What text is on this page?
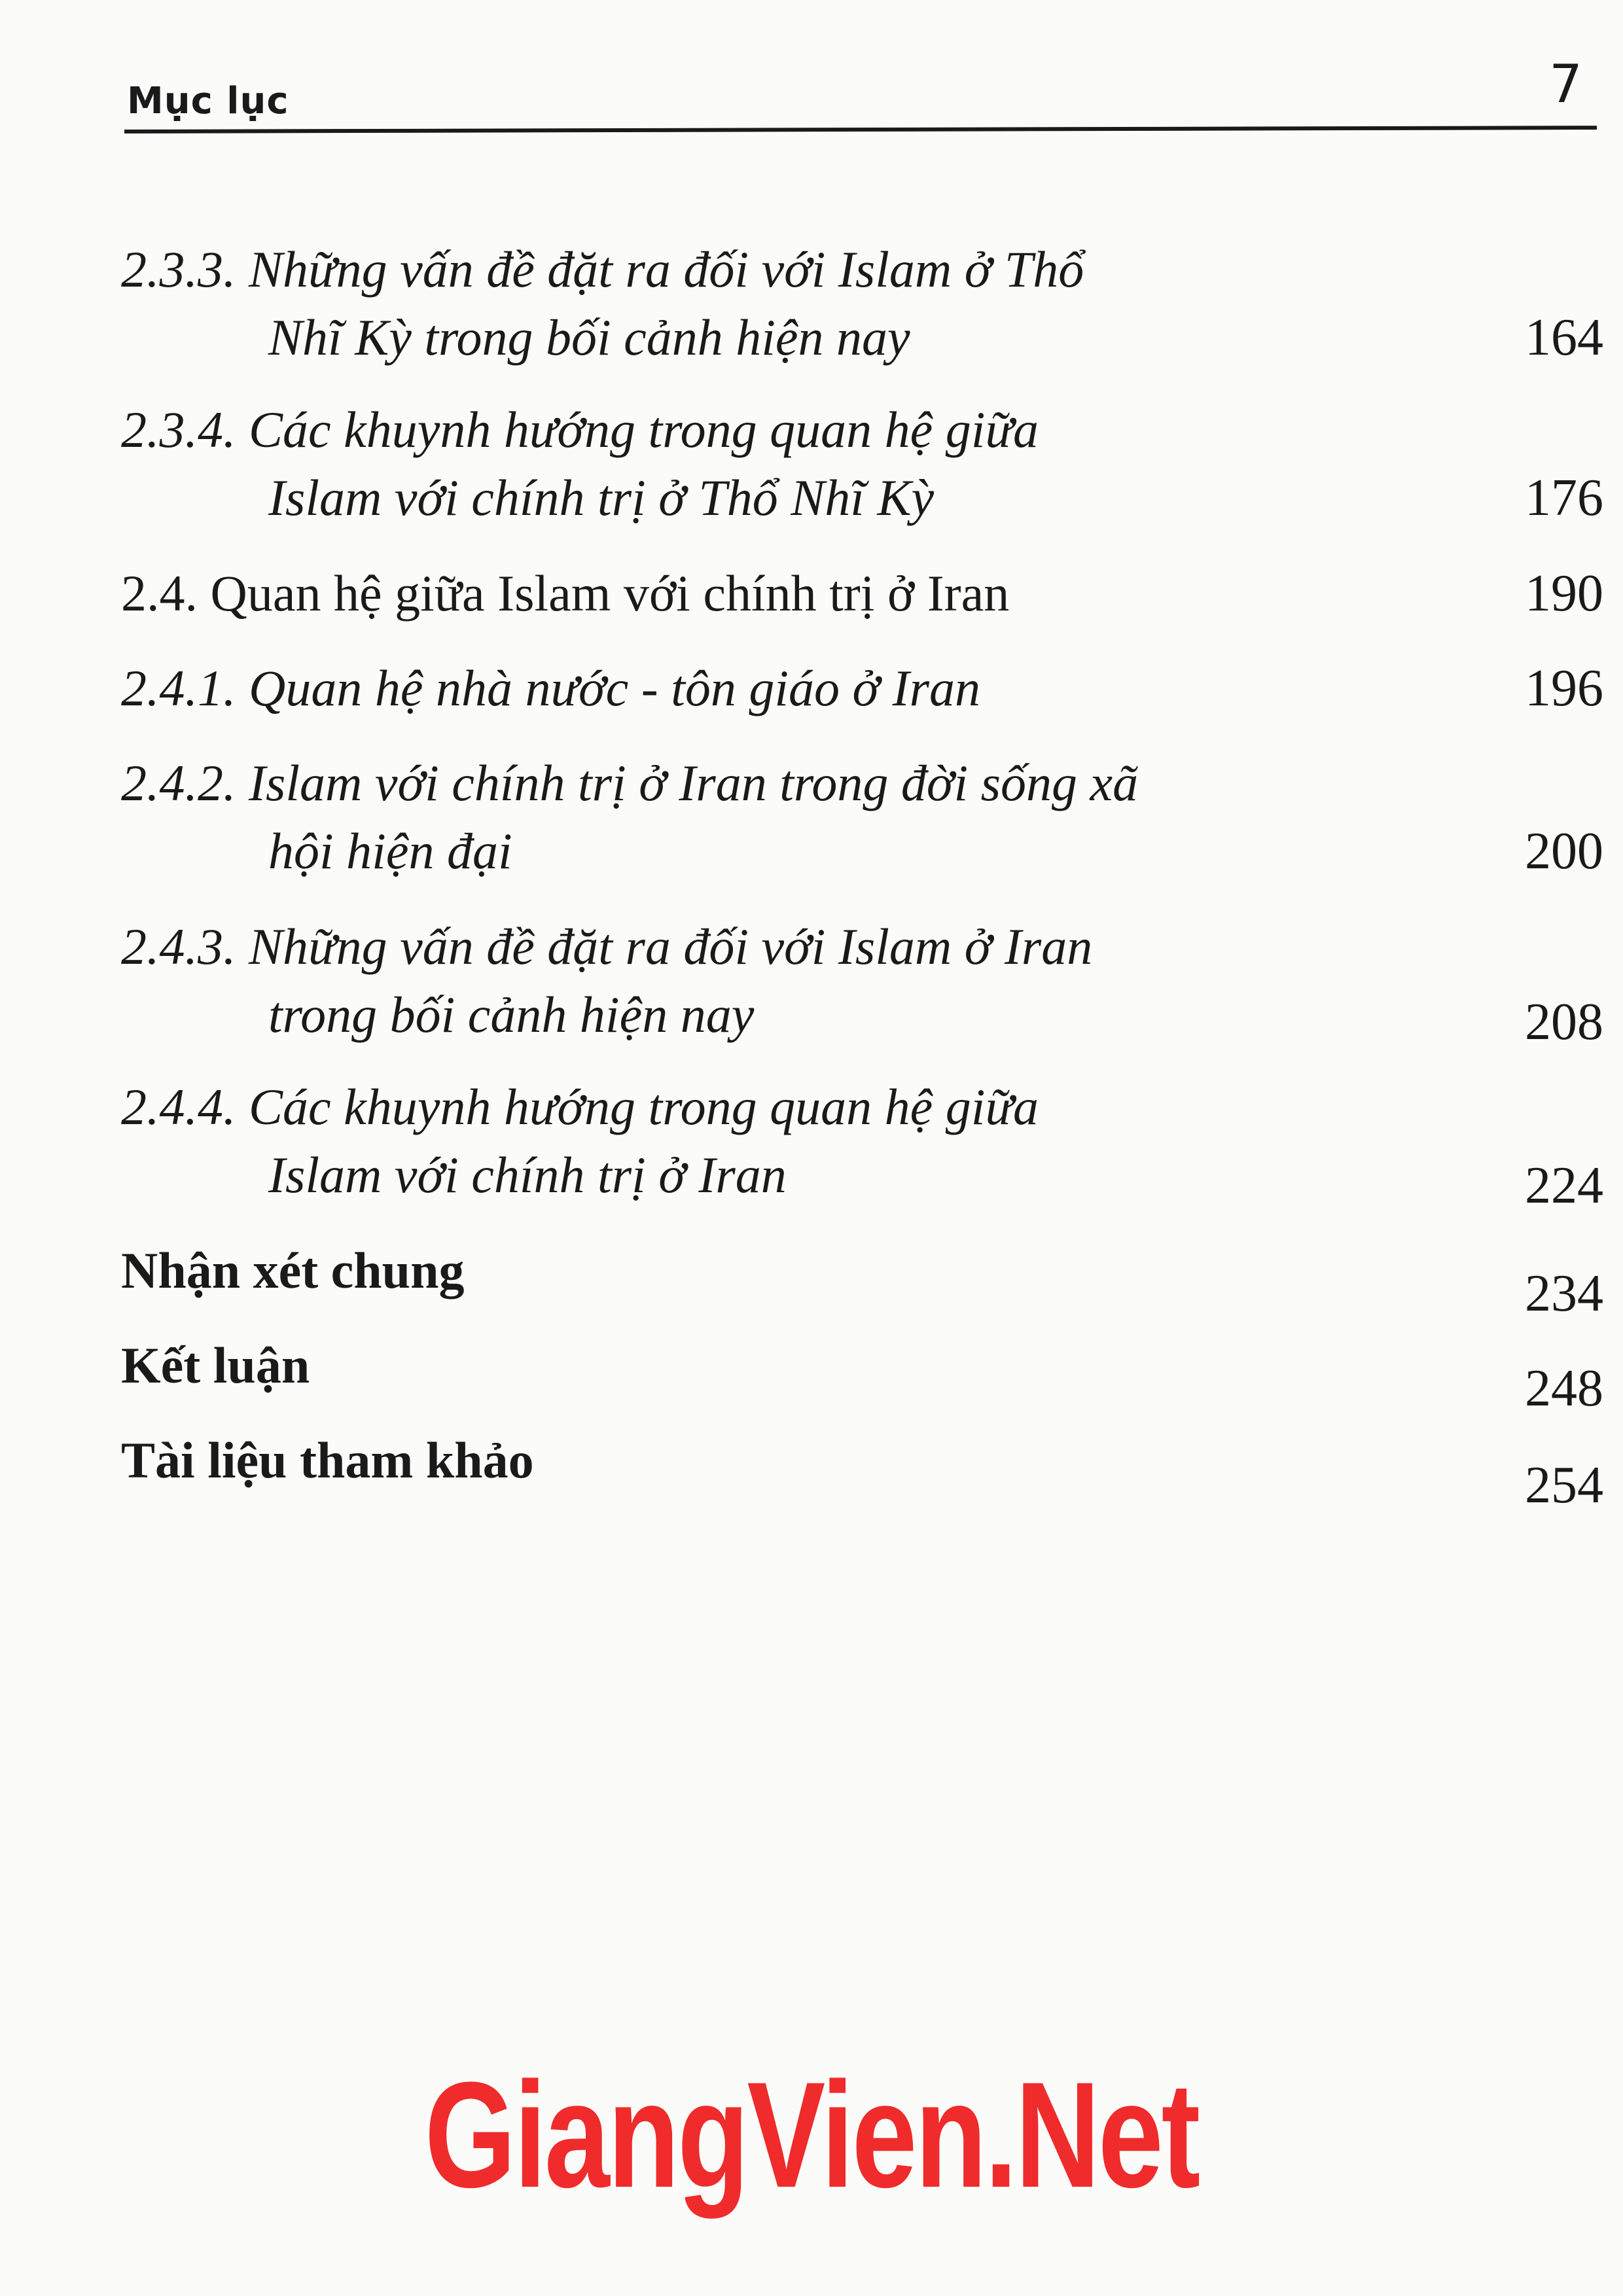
Mục lục	7
2.3.3. Những vấn đề đặt ra đối với Islam ở Thổ
Nhĩ Kỳ trong bối cảnh hiện nay	164
2.3.4. Các khuynh hướng trong quan hệ giữa
Islam với chính trị ở Thổ Nhĩ Kỳ	176
2.4. Quan hệ giữa Islam với chính trị ở Iran	190
2.4.1. Quan hệ nhà nước - tôn giáo ở Iran	196
2.4.2. Islam với chính trị ở Iran trong đời sống xã
hội hiện đại	200
2.4.3. Những vấn đề đặt ra đối với Islam ở Iran
trong bối cảnh hiện nay	208
2.4.4. Các khuynh hướng trong quan hệ giữa
Islam với chính trị ở Iran	224
Nhận xét chung	234
Kết luận	248
Tài liệu tham khảo	254
GiangVien.Net
